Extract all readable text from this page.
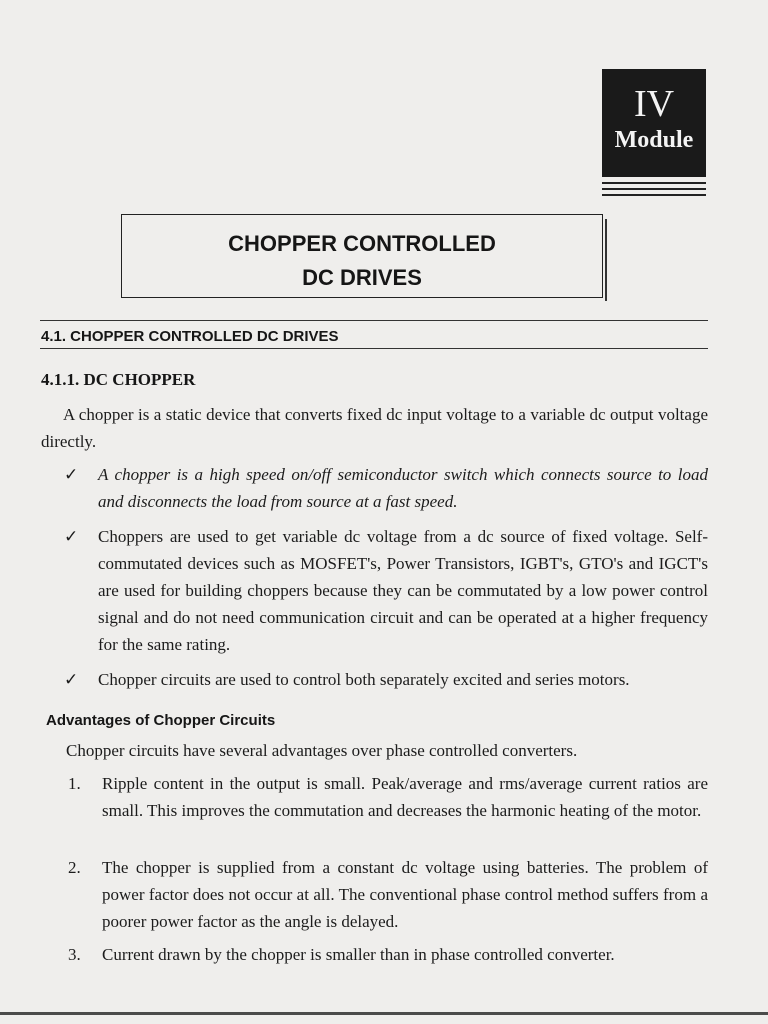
IV
Module
CHOPPER CONTROLLED
DC DRIVES
4.1. CHOPPER CONTROLLED DC DRIVES
4.1.1. DC CHOPPER
A chopper is a static device that converts fixed dc input voltage to a variable dc output voltage directly.
✓ A chopper is a high speed on/off semiconductor switch which connects source to load and disconnects the load from source at a fast speed.
✓ Choppers are used to get variable dc voltage from a dc source of fixed voltage. Self-commutated devices such as MOSFET's, Power Transistors, IGBT's, GTO's and IGCT's are used for building choppers because they can be commutated by a low power control signal and do not need communication circuit and can be operated at a higher frequency for the same rating.
✓ Chopper circuits are used to control both separately excited and series motors.
Advantages of Chopper Circuits
Chopper circuits have several advantages over phase controlled converters.
1. Ripple content in the output is small. Peak/average and rms/average current ratios are small. This improves the commutation and decreases the harmonic heating of the motor.
2. The chopper is supplied from a constant dc voltage using batteries. The problem of power factor does not occur at all. The conventional phase control method suffers from a poorer power factor as the angle is delayed.
3. Current drawn by the chopper is smaller than in phase controlled converter.
